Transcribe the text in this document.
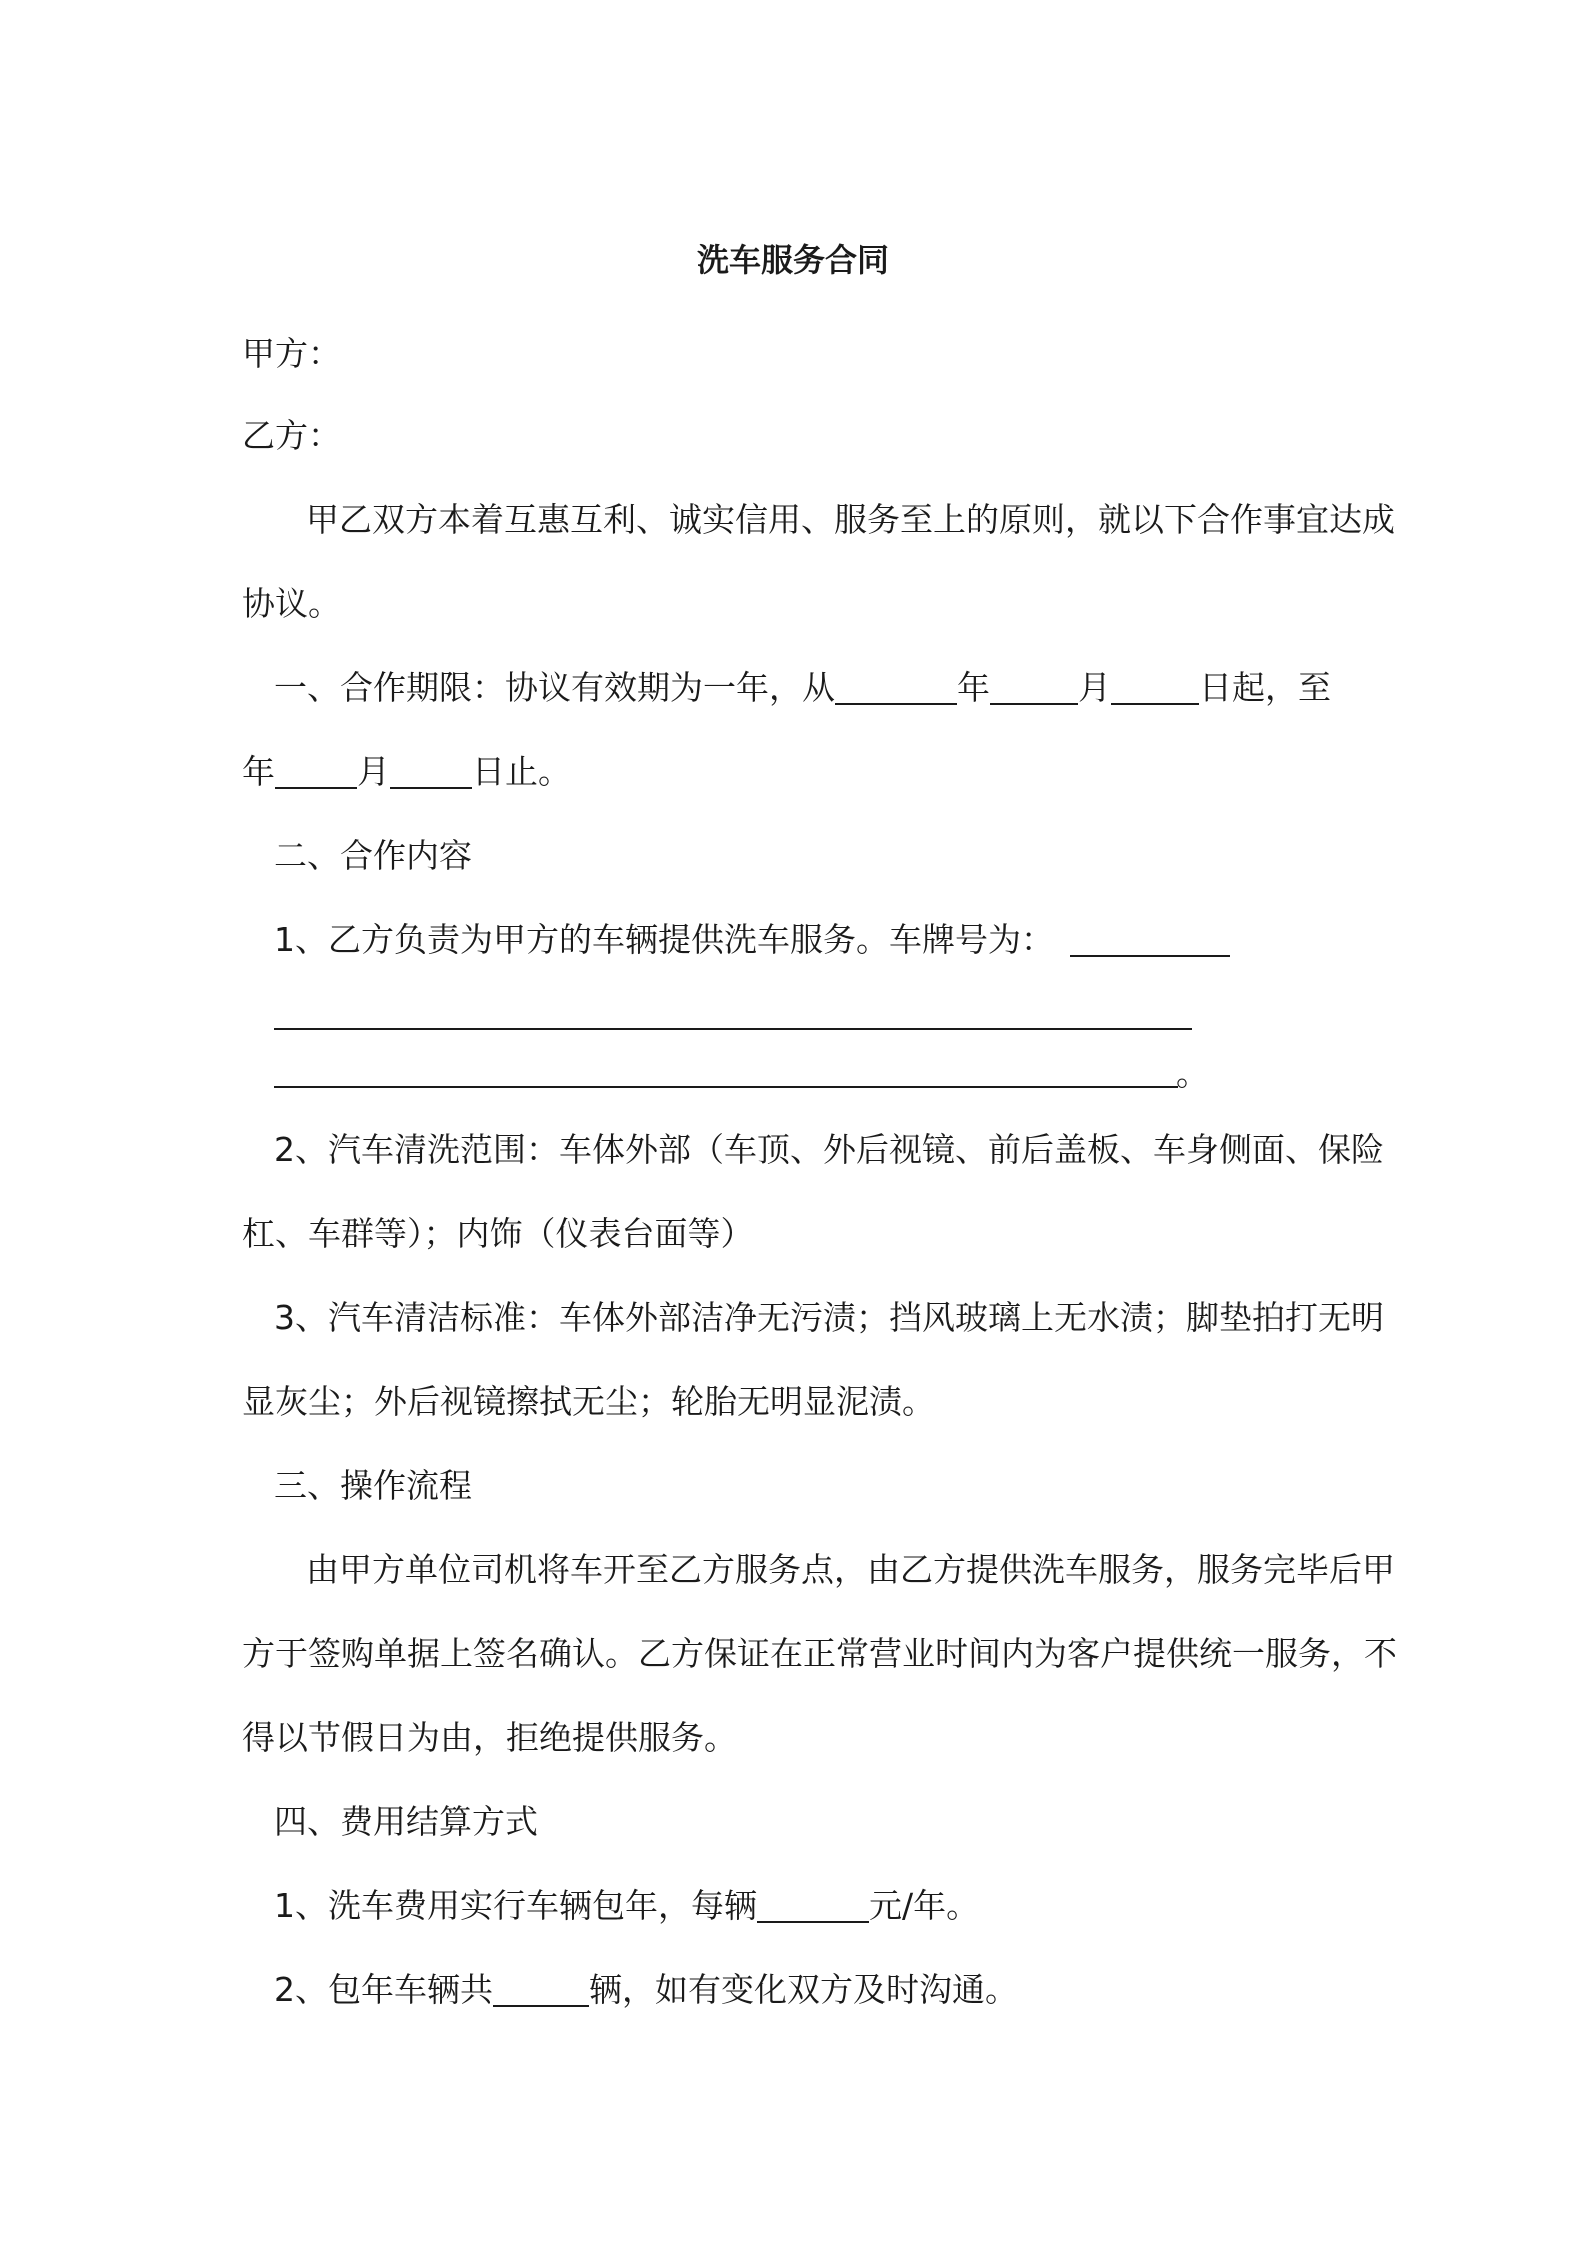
洗车服务合同
甲方：
乙方：
甲乙双方本着互惠互利、诚实信用、服务至上的原则，就以下合作事宜达成
协议。
一、合作期限：协议有效期为一年，从	年	月	日起，至
年 月 日止。
二、合作内容
1、乙方负责为甲方的车辆提供洗车服务。车牌号为：
。
2、汽车清洗范围：车体外部（车顶、外后视镜、前后盖板、车身侧面、保险
杠、车群等）；内饰（仪表台面等）
3、汽车清洁标准：车体外部洁净无污渍；挡风玻璃上无水渍；脚垫拍打无明
显灰尘；外后视镜擦拭无尘；轮胎无明显泥渍。
三、操作流程
由甲方单位司机将车开至乙方服务点，由乙方提供洗车服务，服务完毕后甲
方于签购单据上签名确认。乙方保证在正常营业时间内为客户提供统一服务，不
得以节假日为由，拒绝提供服务。
四、费用结算方式
1、洗车费用实行车辆包年，每辆	元/年。
2、包年车辆共	辆，如有变化双方及时沟通。
